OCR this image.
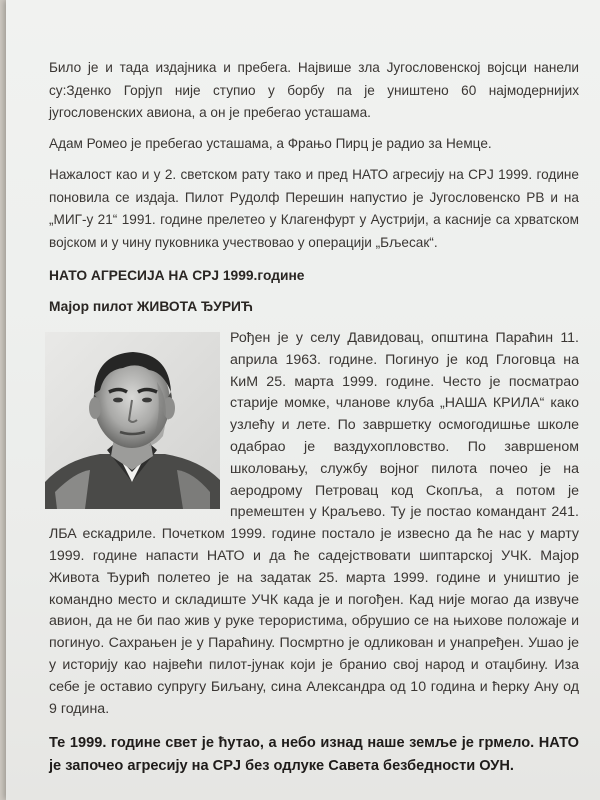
Било је и тада издајника и пребега. Највише зла Југословенској војсци нанели су:Зденко Горјуп није ступио у борбу па је уништено 60 најмодернијих југословенских авиона, а он је пребегао усташама.

Адам Ромео је пребегао усташама, а Фрањо Пирц је радио за Немце.

Нажалост као и у 2. светском рату тако и пред НАТО агресију на СРЈ 1999. године поновила се издаја. Пилот Рудолф Перешин напустио је Југословенско РВ и на „МИГ-у 21“ 1991. године прелетео у Клагенфурт у Аустрији, а касније са хрватском војском и у чину пуковника учествовао у операцији „Бљесак“.

НАТО АГРЕСИЈА НА СРЈ 1999.године
Мајор пилот ЖИВОТА ЂУРИЋ

Рођен је у селу Давидовац, општина Параћин 11. априла 1963. године. Погинуо је код Глоговца на КиМ 25. марта 1999. године. Често је посматрао старије момке, чланове клуба „НАША КРИЛА“ како узлећу и лете. По завршетку осмогодишње школе одабрао је ваздухопловство. По завршеном школовању, службу војног пилота почео је на аеродрому Петровац код Скопља, а потом је премештен у Краљево. Ту је постао командант 241. ЛБА ескадриле. Почетком 1999. године постало је извесно да ће нас у марту 1999. године напасти НАТО и да ће садејствовати шиптарској УЧК. Мајор Живота Ђурић полетео је на задатак 25. марта 1999. године и уништио је командно место и складиште УЧК када је и погођен. Кад није могао да извуче авион, да не би пао жив у руке терористима, обрушио се на њихове положаје и погинуо. Сахрањен је у Параћину. Посмртно је одликован и унапређен. Ушао је у историју као највећи пилот-јунак који је бранио свој народ и отаџбину. Иза себе је оставио супругу Биљану, сина Александра од 10 година и ћерку Ану од 9 година.

Те 1999. године свет је ћутао, а небо изнад наше земље је грмело. НАТО је започео агресију на СРЈ без одлуке Савета безбедности ОУН.
